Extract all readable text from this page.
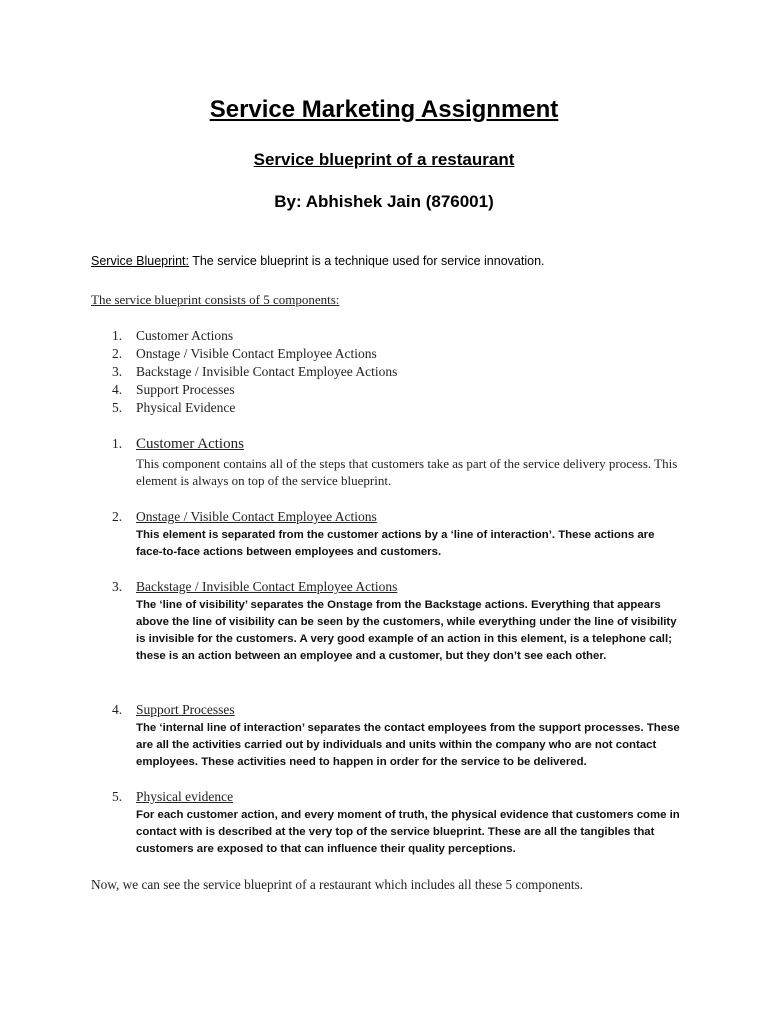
Service Marketing Assignment
Service blueprint of a restaurant
By: Abhishek Jain (876001)
Service Blueprint: The service blueprint is a technique used for service innovation.
The service blueprint consists of 5 components:
1.	Customer Actions
2.	Onstage / Visible Contact Employee Actions
3.	Backstage / Invisible Contact Employee Actions
4.	Support Processes
5.	Physical Evidence
1. Customer Actions
This component contains all of the steps that customers take as part of the service delivery process. This element is always on top of the service blueprint.
2. Onstage / Visible Contact Employee Actions
This element is separated from the customer actions by a ‘line of interaction’. These actions are face-to-face actions between employees and customers.
3. Backstage / Invisible Contact Employee Actions
The ‘line of visibility’ separates the Onstage from the Backstage actions. Everything that appears above the line of visibility can be seen by the customers, while everything under the line of visibility is invisible for the customers. A very good example of an action in this element, is a telephone call; these is an action between an employee and a customer, but they don’t see each other.
4. Support Processes
The ‘internal line of interaction’ separates the contact employees from the support processes. These are all the activities carried out by individuals and units within the company who are not contact employees. These activities need to happen in order for the service to be delivered.
5. Physical evidence
For each customer action, and every moment of truth, the physical evidence that customers come in contact with is described at the very top of the service blueprint. These are all the tangibles that customers are exposed to that can influence their quality perceptions.
Now, we can see the service blueprint of a restaurant which includes all these 5 components.
